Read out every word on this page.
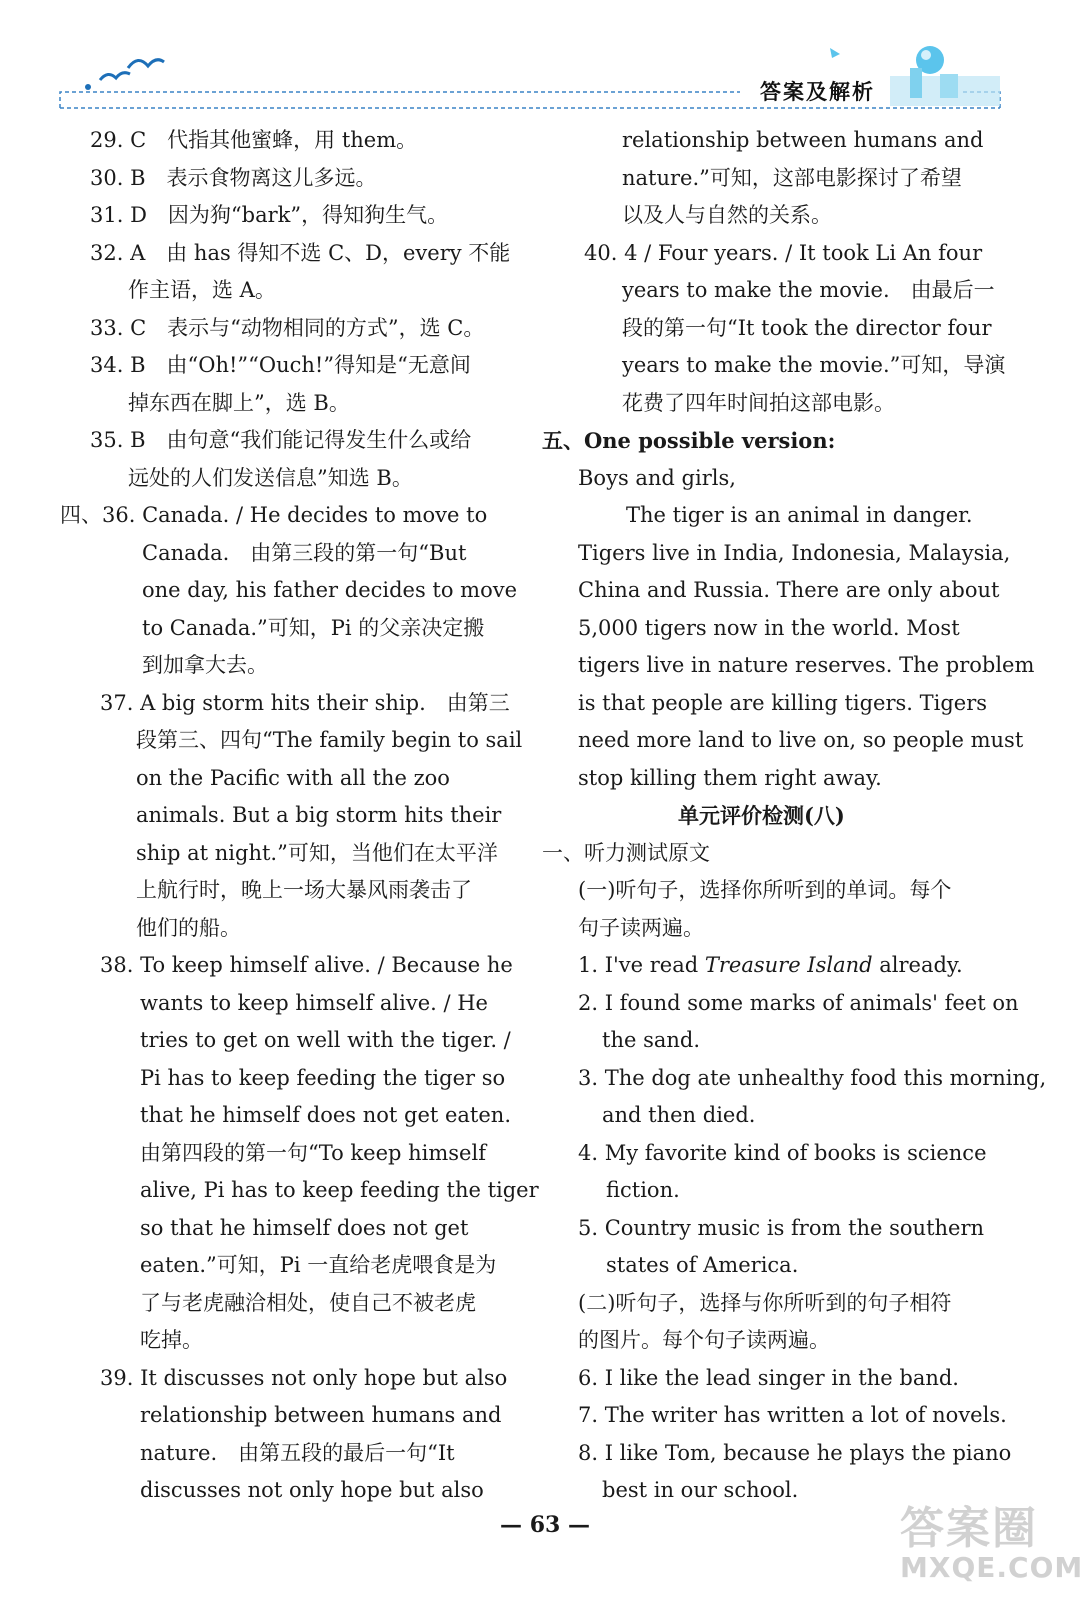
答案及解析
29. C　代指其他蜜蜂，用 them。
30. B　表示食物离这儿多远。
31. D　因为狗“bark”，得知狗生气。
32. A　由 has 得知不选 C、D，every 不能
作主语，选 A。
33. C　表示与“动物相同的方式”，选 C。
34. B　由“Oh!”“Ouch!”得知是“无意间
掉东西在脚上”，选 B。
35. B　由句意“我们能记得发生什么或给
远处的人们发送信息”知选 B。
四、36. Canada. / He decides to move to
Canada.　由第三段的第一句“But
one day, his father decides to move
to Canada.”可知，Pi 的父亲决定搬
到加拿大去。
37. A big storm hits their ship.　由第三
段第三、四句“The family begin to sail
on the Pacific with all the zoo
animals. But a big storm hits their
ship at night.”可知，当他们在太平洋
上航行时，晚上一场大暴风雨袭击了
他们的船。
38. To keep himself alive. / Because he
wants to keep himself alive. / He
tries to get on well with the tiger. /
Pi has to keep feeding the tiger so
that he himself does not get eaten.
由第四段的第一句“To keep himself
alive, Pi has to keep feeding the tiger
so that he himself does not get
eaten.”可知，Pi 一直给老虎喂食是为
了与老虎融洽相处，使自己不被老虎
吃掉。
39. It discusses not only hope but also
relationship between humans and
nature.　由第五段的最后一句“It
discusses not only hope but also
relationship between humans and
nature.”可知，这部电影探讨了希望
以及人与自然的关系。
40. 4 / Four years. / It took Li An four
years to make the movie.　由最后一
段的第一句“It took the director four
years to make the movie.”可知，导演
花费了四年时间拍这部电影。
五、One possible version:
Boys and girls,
The tiger is an animal in danger.
Tigers live in India, Indonesia, Malaysia,
China and Russia. There are only about
5,000 tigers now in the world. Most
tigers live in nature reserves. The problem
is that people are killing tigers. Tigers
need more land to live on, so people must
stop killing them right away.
单元评价检测(八)
一、听力测试原文
(一)听句子，选择你所听到的单词。每个
句子读两遍。
1. I've read Treasure Island already.
2. I found some marks of animals' feet on
the sand.
3. The dog ate unhealthy food this morning,
and then died.
4. My favorite kind of books is science
fiction.
5. Country music is from the southern
states of America.
(二)听句子，选择与你所听到的句子相符
的图片。每个句子读两遍。
6. I like the lead singer in the band.
7. The writer has written a lot of novels.
8. I like Tom, because he plays the piano
best in our school.
— 63 —	答案圈
MXQE.COM
